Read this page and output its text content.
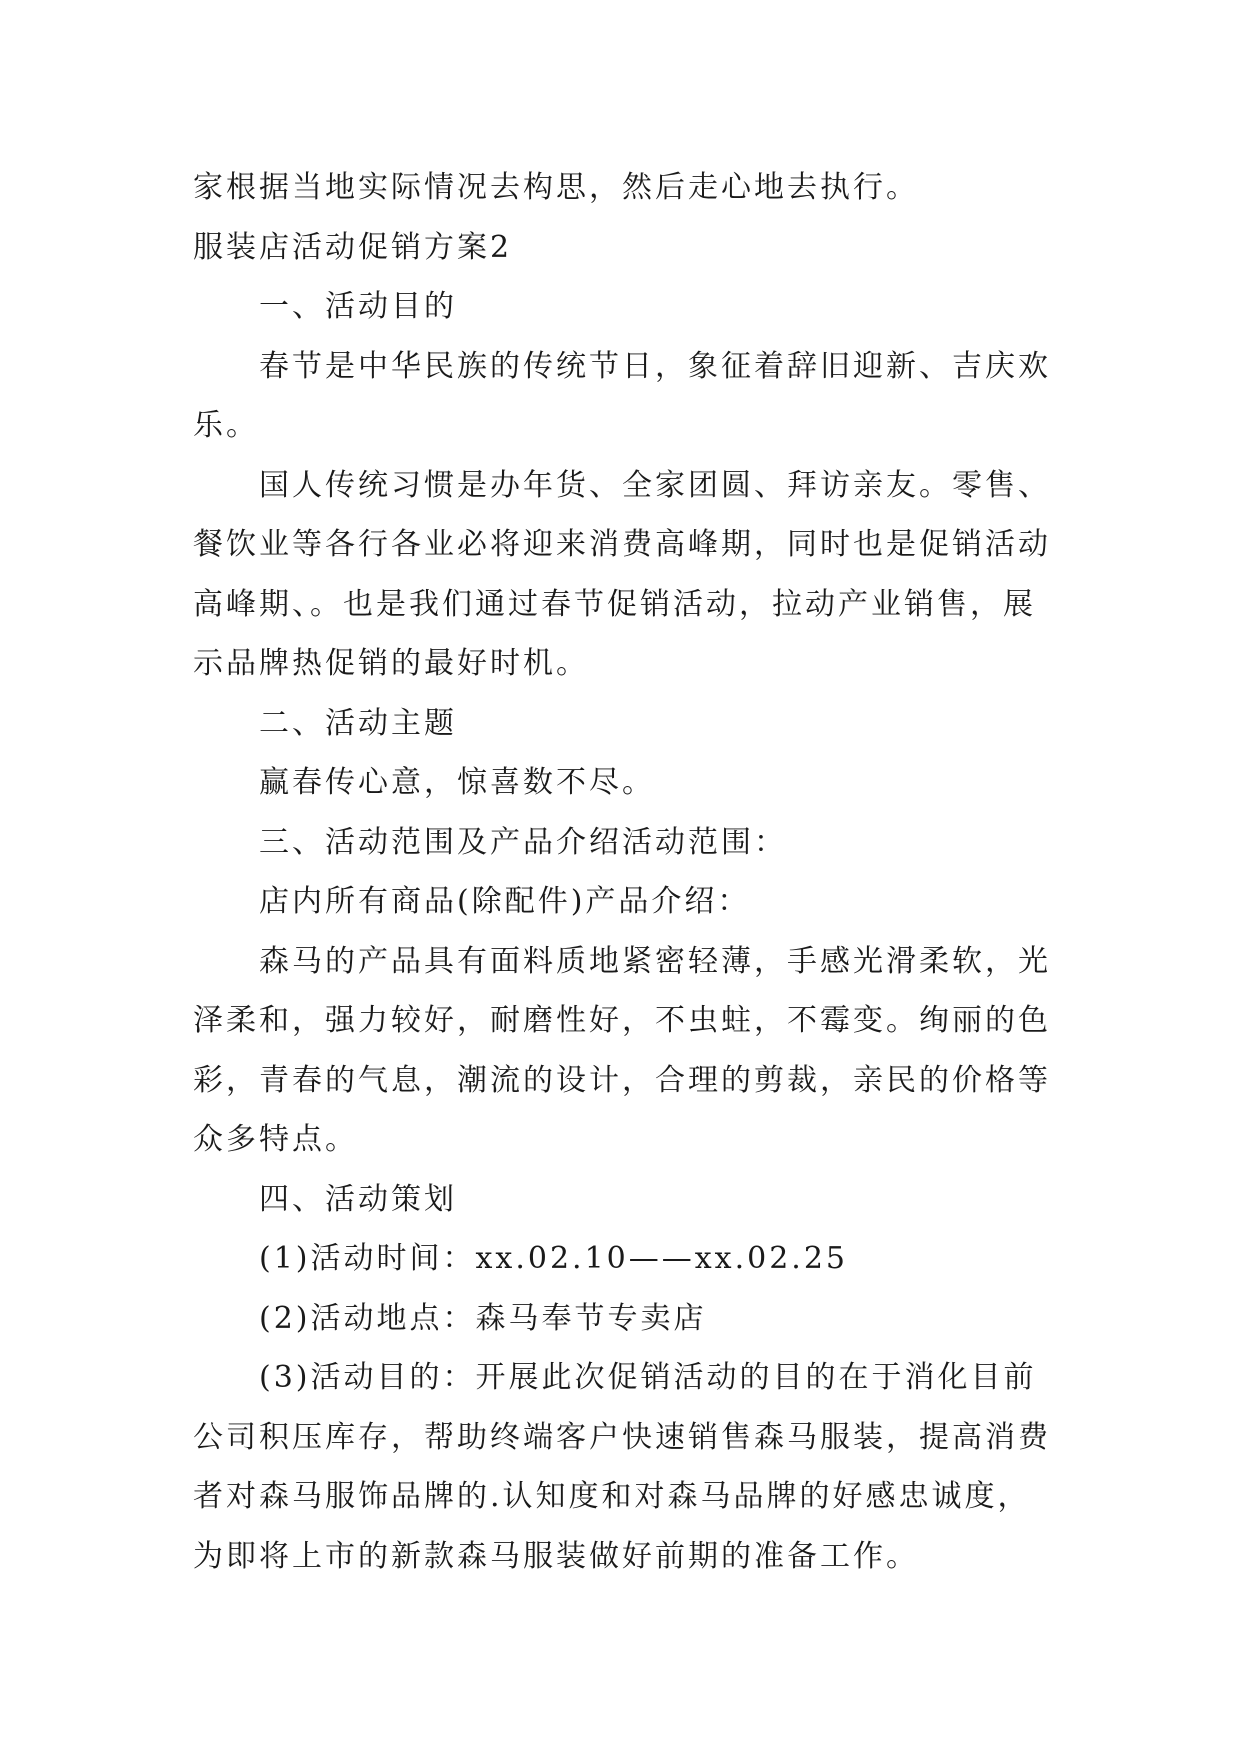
家根据当地实际情况去构思，然后走心地去执行。

服装店活动促销方案2

一、活动目的

春节是中华民族的传统节日，象征着辞旧迎新、吉庆欢乐。

国人传统习惯是办年货、全家团圆、拜访亲友。零售、餐饮业等各行各业必将迎来消费高峰期，同时也是促销活动高峰期、。也是我们通过春节促销活动，拉动产业销售，展示品牌热促销的最好时机。

二、活动主题

赢春传心意，惊喜数不尽。

三、活动范围及产品介绍活动范围：

店内所有商品(除配件)产品介绍：

森马的产品具有面料质地紧密轻薄，手感光滑柔软，光泽柔和，强力较好，耐磨性好，不虫蛀，不霉变。绚丽的色彩，青春的气息，潮流的设计，合理的剪裁，亲民的价格等众多特点。

四、活动策划

(1)活动时间：xx.02.10——xx.02.25

(2)活动地点：森马奉节专卖店

(3)活动目的：开展此次促销活动的目的在于消化目前公司积压库存，帮助终端客户快速销售森马服装，提高消费者对森马服饰品牌的.认知度和对森马品牌的好感忠诚度，为即将上市的新款森马服装做好前期的准备工作。
